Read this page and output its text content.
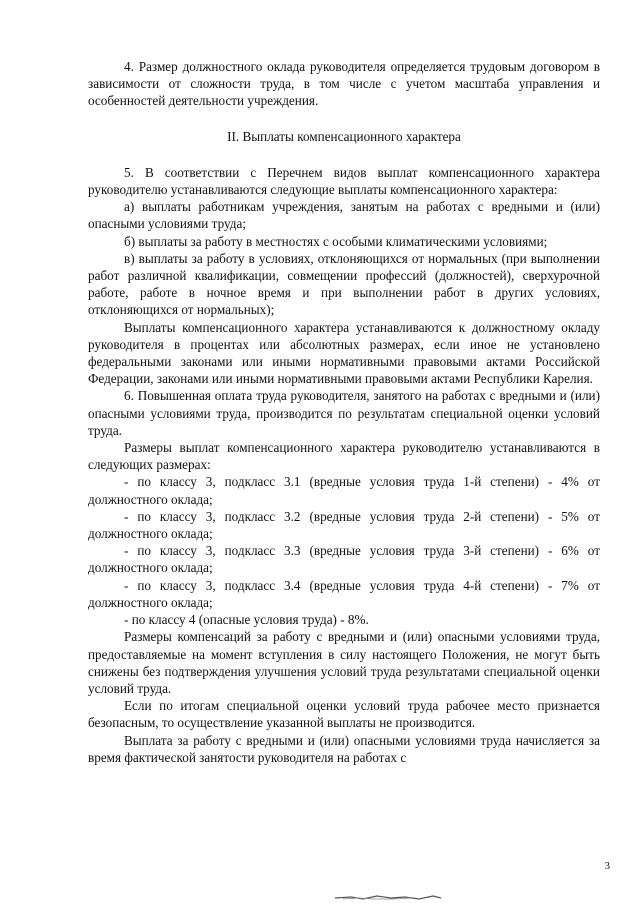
4. Размер должностного оклада руководителя определяется трудовым договором в зависимости от сложности труда, в том числе с учетом масштаба управления и особенностей деятельности учреждения.

II. Выплаты компенсационного характера

5. В соответствии с Перечнем видов выплат компенсационного характера руководителю устанавливаются следующие выплаты компенсационного характера:

а) выплаты работникам учреждения, занятым на работах с вредными и (или) опасными условиями труда;

б) выплаты за работу в местностях с особыми климатическими условиями;

в) выплаты за работу в условиях, отклоняющихся от нормальных (при выполнении работ различной квалификации, совмещении профессий (должностей), сверхурочной работе, работе в ночное время и при выполнении работ в других условиях, отклоняющихся от нормальных);

Выплаты компенсационного характера устанавливаются к должностному окладу руководителя в процентах или абсолютных размерах, если иное не установлено федеральными законами или иными нормативными правовыми актами Российской Федерации, законами или иными нормативными правовыми актами Республики Карелия.

6. Повышенная оплата труда руководителя, занятого на работах с вредными и (или) опасными условиями труда, производится по результатам специальной оценки условий труда.

Размеры выплат компенсационного характера руководителю устанавливаются в следующих размерах:

- по классу 3, подкласс 3.1 (вредные условия труда 1-й степени) - 4% от должностного оклада;

- по классу 3, подкласс 3.2 (вредные условия труда 2-й степени) - 5% от должностного оклада;

- по классу 3, подкласс 3.3 (вредные условия труда 3-й степени) - 6% от должностного оклада;

- по классу 3, подкласс 3.4 (вредные условия труда 4-й степени) - 7% от должностного оклада;

- по классу 4 (опасные условия труда) - 8%.

Размеры компенсаций за работу с вредными и (или) опасными условиями труда, предоставляемые на момент вступления в силу настоящего Положения, не могут быть снижены без подтверждения улучшения условий труда результатами специальной оценки условий труда.

Если по итогам специальной оценки условий труда рабочее место признается безопасным, то осуществление указанной выплаты не производится.

Выплата за работу с вредными и (или) опасными условиями труда начисляется за время фактической занятости руководителя на работах с

3
